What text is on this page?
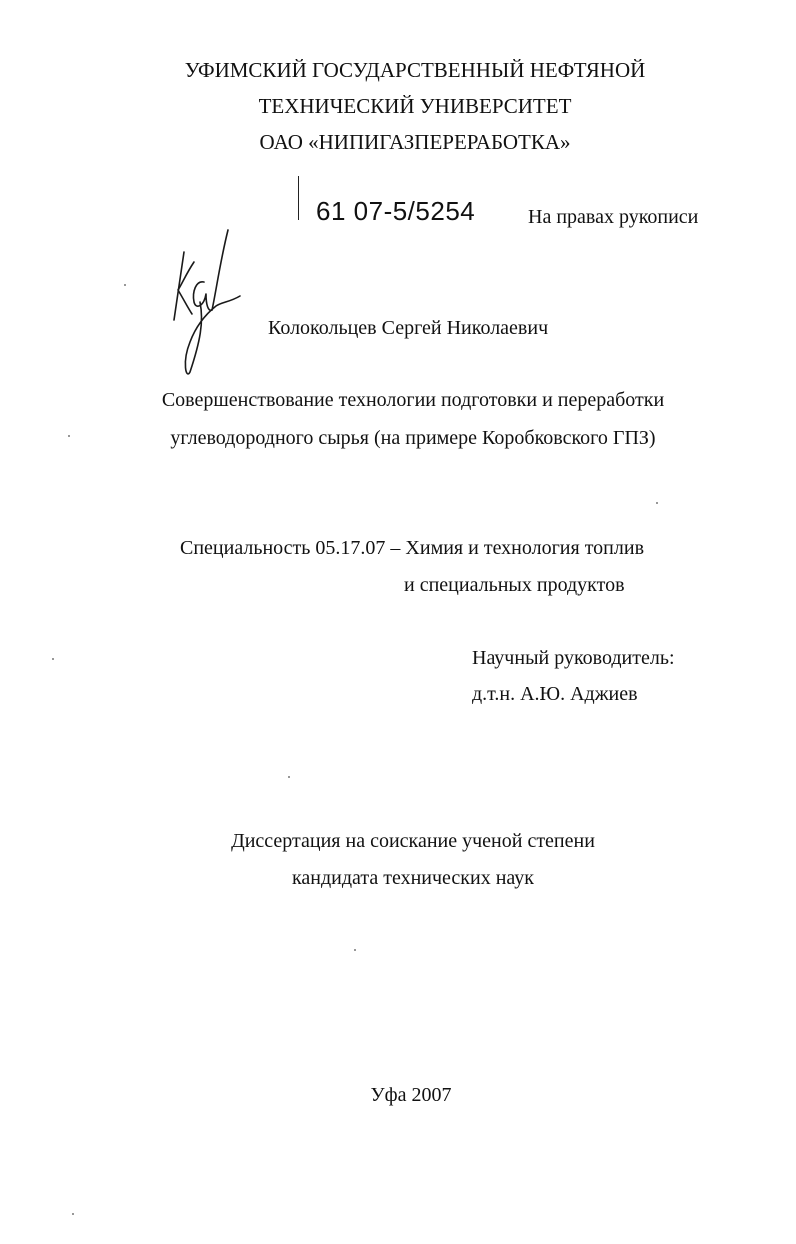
УФИМСКИЙ ГОСУДАРСТВЕННЫЙ НЕФТЯНОЙ
ТЕХНИЧЕСКИЙ УНИВЕРСИТЕТ
ОАО «НИПИГАЗПЕРЕРАБОТКА»
61 07-5/5254	На правах рукописи
Колокольцев Сергей Николаевич
Совершенствование технологии подготовки и переработки
углеводородного сырья (на примере Коробковского ГПЗ)
Специальность 05.17.07 – Химия и технология топлив
и специальных продуктов
Научный руководитель:
д.т.н. А.Ю. Аджиев
Диссертация на соискание ученой степени
кандидата технических наук
Уфа 2007
